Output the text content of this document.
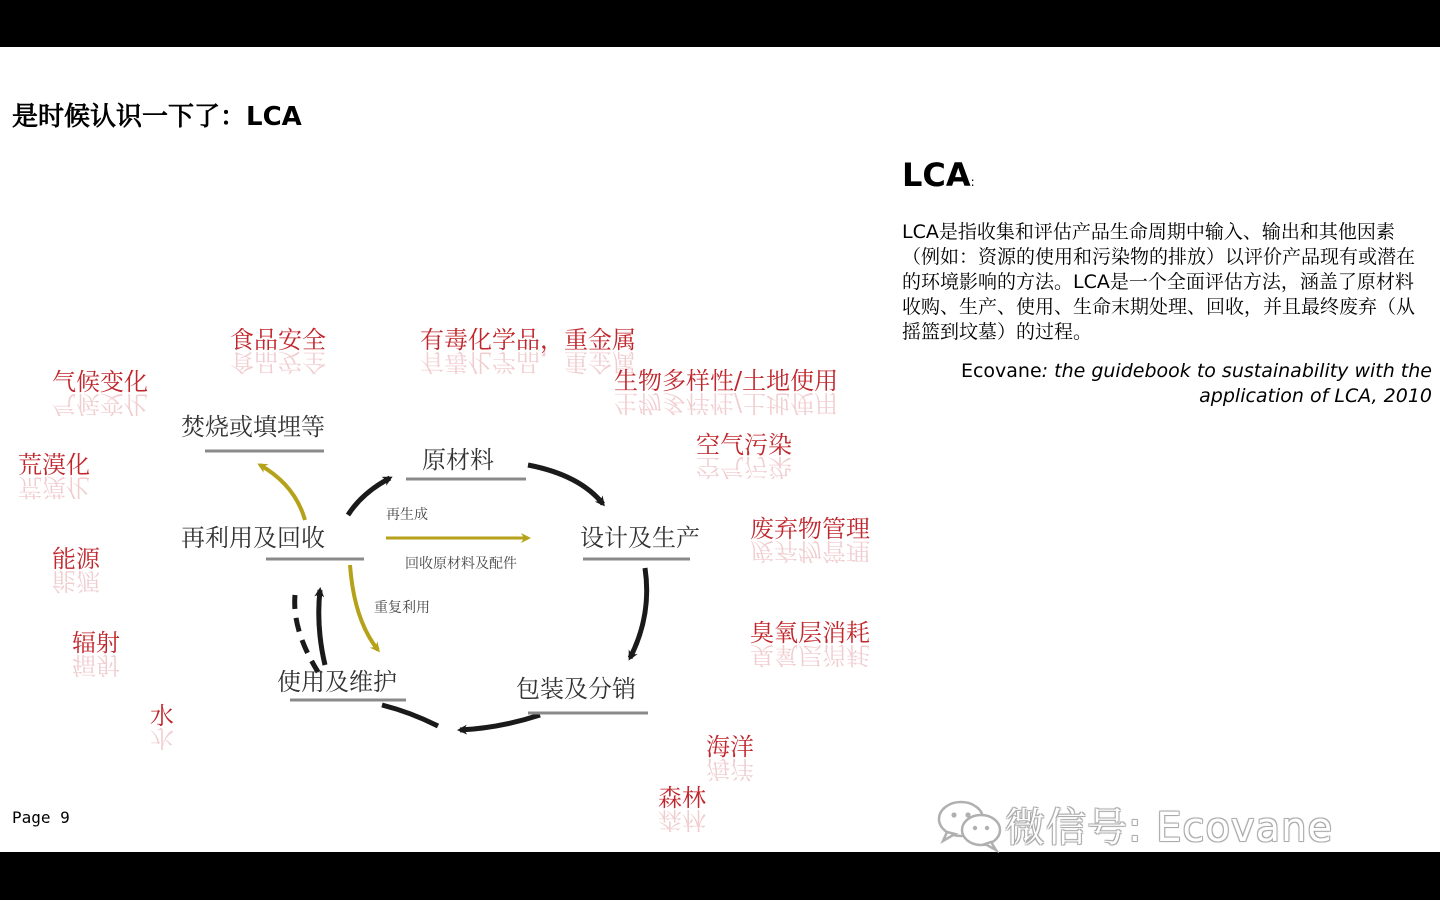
是时候认识一下了：LCA
原材料
设计及生产
包装及分销
使用及维护
再利用及回收
焚烧或填埋等
再生成
回收原材料及配件
重复利用
食品安全
食品安全
有毒化学品，重金属
有毒化学品，重金属
气候变化
气候变化
生物多样性/土地使用
生物多样性/土地使用
荒漠化
荒漠化
空气污染
空气污染
能源
能源
废弃物管理
废弃物管理
辐射
辐射
臭氧层消耗
臭氧层消耗
水
水	海洋
海洋
森林
森林
LCA:
LCA是指收集和评估产品生命周期中输入、输出和其他因素（例如：资源的使用和污染物的排放）以评价产品现有或潜在的环境影响的方法。LCA是一个全面评估方法，涵盖了原材料收购、生产、使用、生命末期处理、回收，并且最终废弃（从摇篮到坟墓）的过程。
Ecovane: the guidebook to sustainability with the application of LCA, 2010
Page 9	微信号: Ecovane
